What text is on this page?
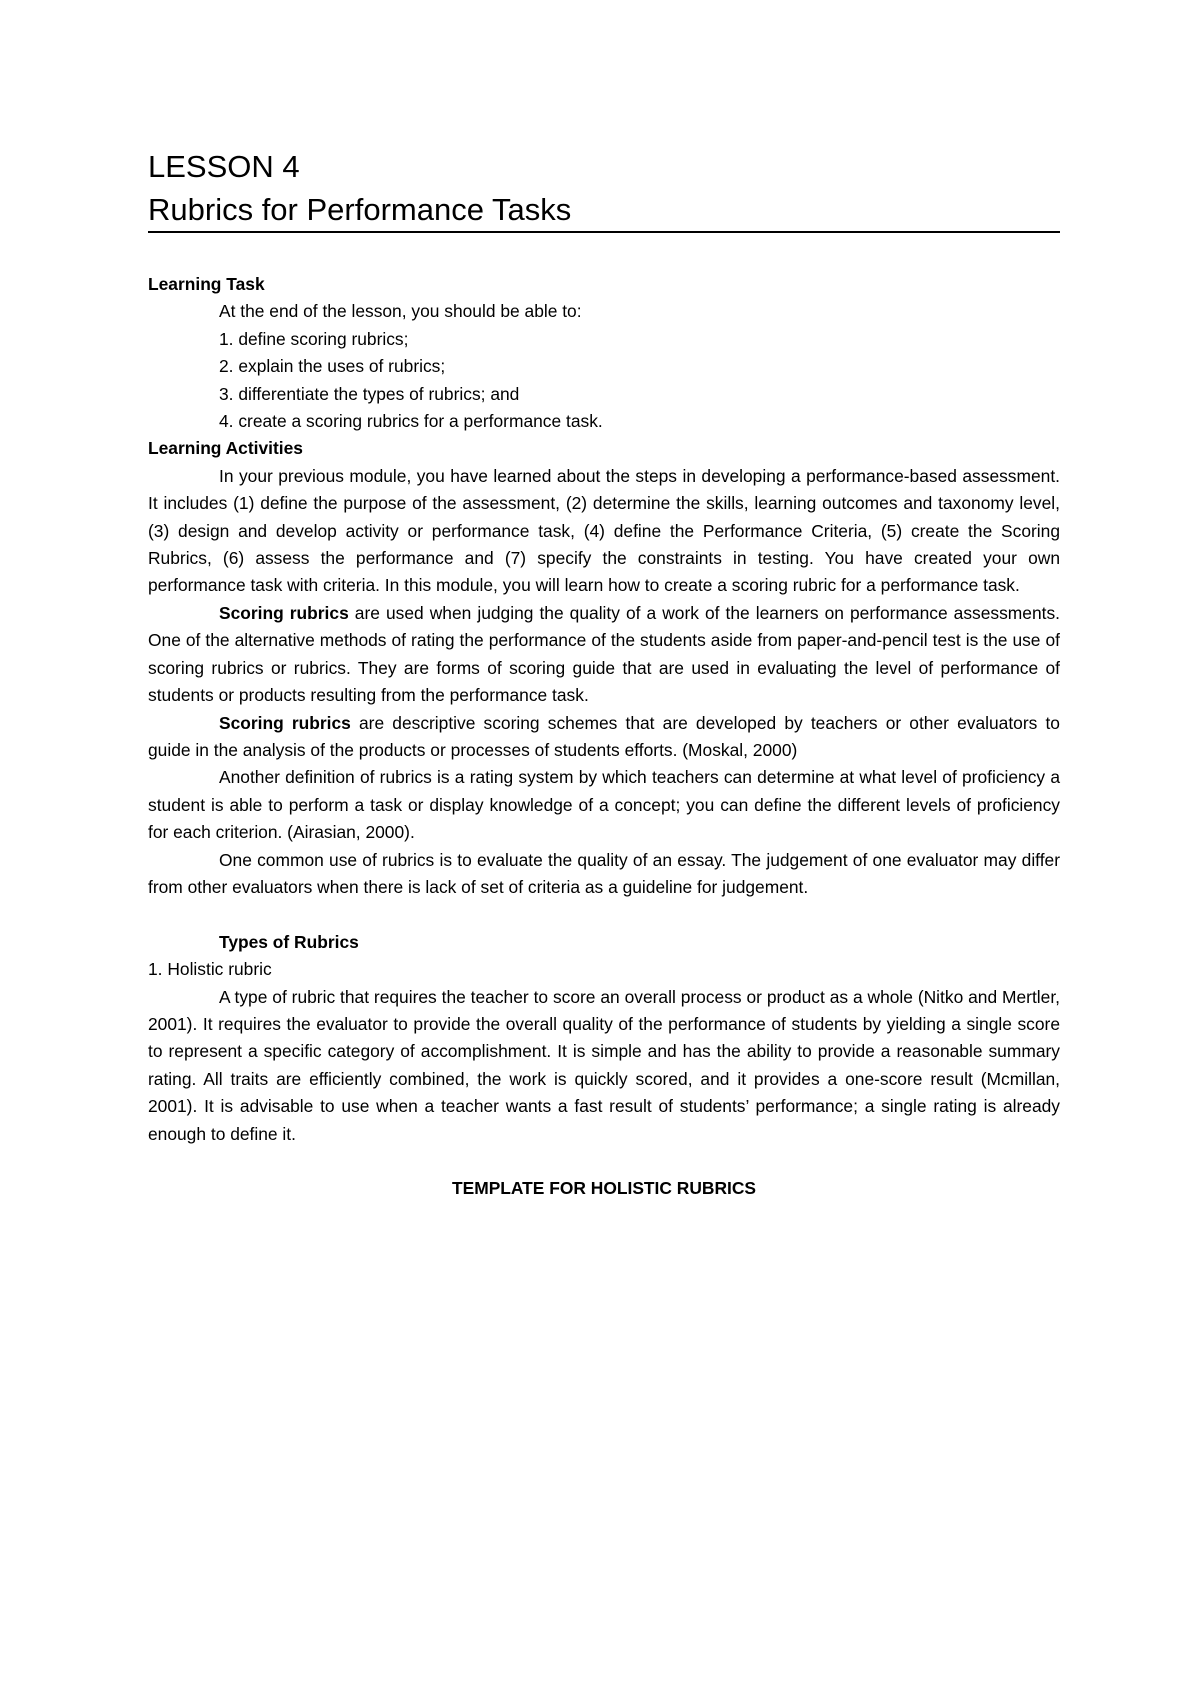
LESSON 4
Rubrics for Performance Tasks

Learning Task

At the end of the lesson, you should be able to:

1. define scoring rubrics;

2. explain the uses of rubrics;

3. differentiate the types of rubrics; and

4. create a scoring rubrics for a performance task.

Learning Activities

In your previous module, you have learned about the steps in developing a performance-based assessment. It includes (1) define the purpose of the assessment, (2) determine the skills, learning outcomes and taxonomy level, (3) design and develop activity or performance task, (4) define the Performance Criteria, (5) create the Scoring Rubrics, (6) assess the performance and (7) specify the constraints in testing. You have created your own performance task with criteria. In this module, you will learn how to create a scoring rubric for a performance task.

Scoring rubrics are used when judging the quality of a work of the learners on performance assessments. One of the alternative methods of rating the performance of the students aside from paper-and-pencil test is the use of scoring rubrics or rubrics. They are forms of scoring guide that are used in evaluating the level of performance of students or products resulting from the performance task.

Scoring rubrics are descriptive scoring schemes that are developed by teachers or other evaluators to guide in the analysis of the products or processes of students efforts. (Moskal, 2000)

Another definition of rubrics is a rating system by which teachers can determine at what level of proficiency a student is able to perform a task or display knowledge of a concept; you can define the different levels of proficiency for each criterion. (Airasian, 2000).

One common use of rubrics is to evaluate the quality of an essay. The judgement of one evaluator may differ from other evaluators when there is lack of set of criteria as a guideline for judgement.

Types of Rubrics

1. Holistic rubric

A type of rubric that requires the teacher to score an overall process or product as a whole (Nitko and Mertler, 2001). It requires the evaluator to provide the overall quality of the performance of students by yielding a single score to represent a specific category of accomplishment. It is simple and has the ability to provide a reasonable summary rating. All traits are efficiently combined, the work is quickly scored, and it provides a one-score result (Mcmillan, 2001). It is advisable to use when a teacher wants a fast result of students’ performance; a single rating is already enough to define it.

TEMPLATE FOR HOLISTIC RUBRICS
